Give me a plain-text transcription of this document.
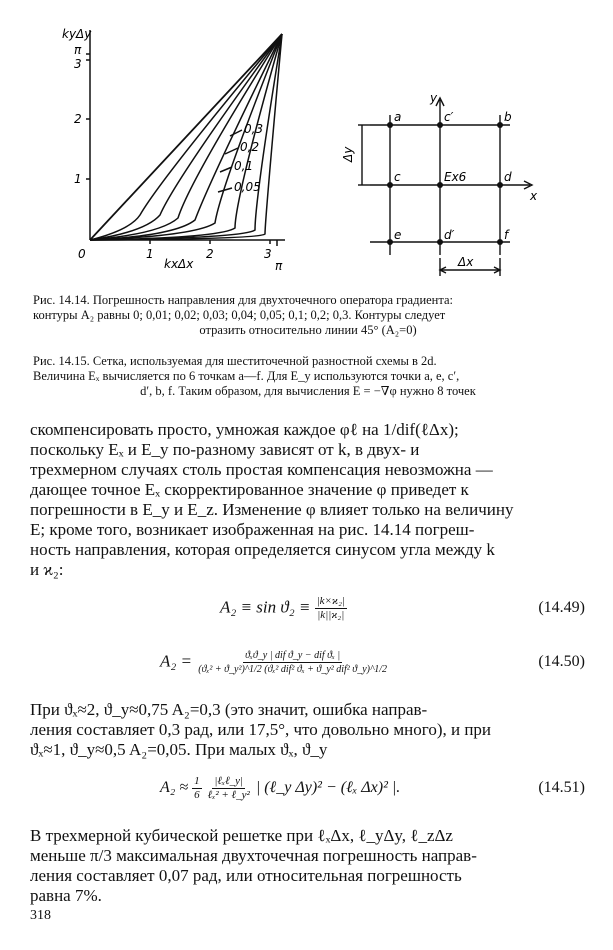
kyΔy
kxΔx
0
1
2
3
π
1	2	3
π
0,3
0,2
0,1
0,05
y
x
a	c′	b
c	Ex6	d
e	d′	f
Δy
Δx
Рис. 14.14. Погрешность направления для двухточечного оператора градиента:
контуры A₂ равны 0; 0,01; 0,02; 0,03; 0,04; 0,05; 0,1; 0,2; 0,3. Контуры следует
отразить относительно линии 45° (A₂=0)
Рис. 14.15. Сетка, используемая для шеститочечной разностной схемы в 2d.
Величина Eₓ вычисляется по 6 точкам a—f. Для E_y используются точки a, e, c′,
d′, b, f. Таким образом, для вычисления E = −∇φ нужно 8 точек
скомпенсировать просто, умножая каждое φℓ на 1/dif(ℓΔx);
поскольку Eₓ и E_y по-разному зависят от k, в двух- и
трехмерном случаях столь простая компенсация невозможна —
дающее точное Eₓ скорректированное значение φ приведет к
погрешности в E_y и E_z. Изменение φ влияет только на величину
E; кроме того, возникает изображенная на рис. 14.14 погреш-
ность направления, которая определяется синусом угла между k
и ϰ₂:
$A_2 \equiv \sin ϑ_2 \equiv \frac{\text{|k×ϰ₂|}}{\text{|k||ϰ₂|}}$	(14.49)
$A_2 = \frac{\text{ϑₓϑ\_y | dif ϑ\_y − dif ϑₓ |}}{\text{(ϑₓ² + ϑ\_y²)\textasciicircum{}1/2 (ϑₓ² dif² ϑₓ + ϑ\_y² dif² ϑ\_y)\textasciicircum{}1/2}}$	(14.50)
При ϑₓ≈2, ϑ_y≈0,75 A₂=0,3 (это значит, ошибка направ-
ления составляет 0,3 рад, или 17,5°, что довольно много), и при
ϑₓ≈1, ϑ_y≈0,5 A₂=0,05. При малых ϑₓ, ϑ_y
$A_2 \approx \frac{1}{6} \frac{\text{|ℓₓℓ\_y|}}{\text{ℓₓ² + ℓ\_y²}}$ | (ℓ_y Δy)² − (ℓₓ Δx)² |.	(14.51)
В трехмерной кубической решетке при ℓₓΔx, ℓ_yΔy, ℓ_zΔz
меньше π/3 максимальная двухточечная погрешность направ-
ления составляет 0,07 рад, или относительная погрешность
равна 7%.
318
